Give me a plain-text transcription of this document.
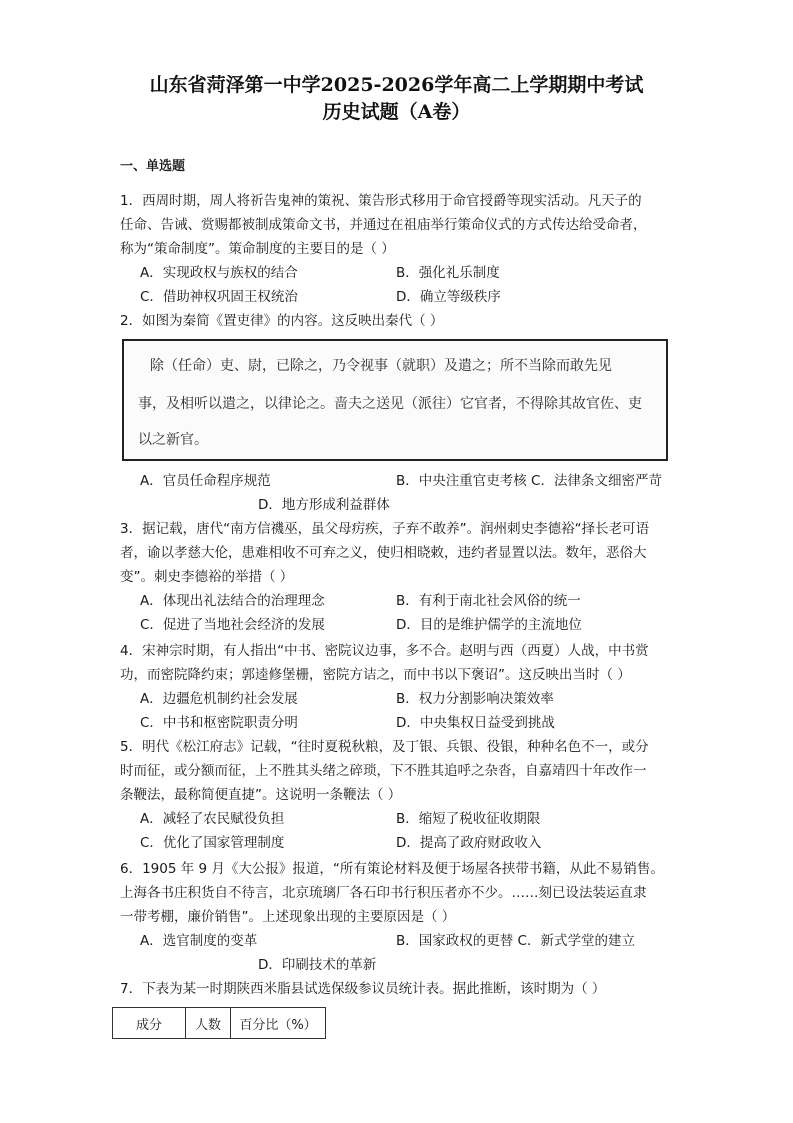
山东省菏泽第一中学2025-2026学年高二上学期期中考试
历史试题（A卷）
一、单选题
1．西周时期，周人将祈告鬼神的策祝、策告形式移用于命官授爵等现实活动。凡天子的
任命、告诫、赏赐都被制成策命文书，并通过在祖庙举行策命仪式的方式传达给受命者，
称为“策命制度”。策命制度的主要目的是（ ）
A．实现政权与族权的结合	B．强化礼乐制度
C．借助神权巩固王权统治	D．确立等级秩序
2．如图为秦简《置吏律》的内容。这反映出秦代（ ）
除（任命）吏、尉，已除之，乃令视事（就职）及遣之；所不当除而敢先见
事，及相听以遣之，以律论之。啬夫之送见（派往）它官者，不得除其故官佐、吏
以之新官。
A．官员任命程序规范	B．中央注重官吏考核 C．法律条文细密严苛
D．地方形成利益群体
3．据记载，唐代“南方信禨巫，虽父母疠疾，子弃不敢养”。润州刺史李德裕“择长老可语
者，谕以孝慈大伦，患难相收不可弃之义，使归相晓敕，违约者显置以法。数年，恶俗大
变”。刺史李德裕的举措（ ）
A．体现出礼法结合的治理理念	B．有利于南北社会风俗的统一
C．促进了当地社会经济的发展	D．目的是维护儒学的主流地位
4．宋神宗时期，有人指出“中书、密院议边事，多不合。赵明与西（西夏）人战，中书赏
功，而密院降约束；郭逵修堡栅，密院方诘之，而中书以下褒诏”。这反映出当时（ ）
A．边疆危机制约社会发展	B．权力分割影响决策效率
C．中书和枢密院职责分明	D．中央集权日益受到挑战
5．明代《松江府志》记载，“往时夏税秋粮，及丁银、兵银、役银，种种名色不一，或分
时而征，或分额而征，上不胜其头绪之碎琐，下不胜其追呼之杂沓，自嘉靖四十年改作一
条鞭法，最称简便直捷”。这说明一条鞭法（ ）
A．减轻了农民赋役负担	B．缩短了税收征收期限
C．优化了国家管理制度	D．提高了政府财政收入
6．1905 年 9 月《大公报》报道，“所有策论材料及便于场屋各挟带书籍，从此不易销售。
上海各书庄积货自不待言，北京琉璃厂各石印书行积压者亦不少。……刻已设法装运直隶
一带考棚，廉价销售”。上述现象出现的主要原因是（ ）
A．选官制度的变革	B．国家政权的更替 C．新式学堂的建立
D．印刷技术的革新
7．下表为某一时期陕西米脂县试选保级参议员统计表。据此推断，该时期为（ ）
成分	人数	百分比（%）
